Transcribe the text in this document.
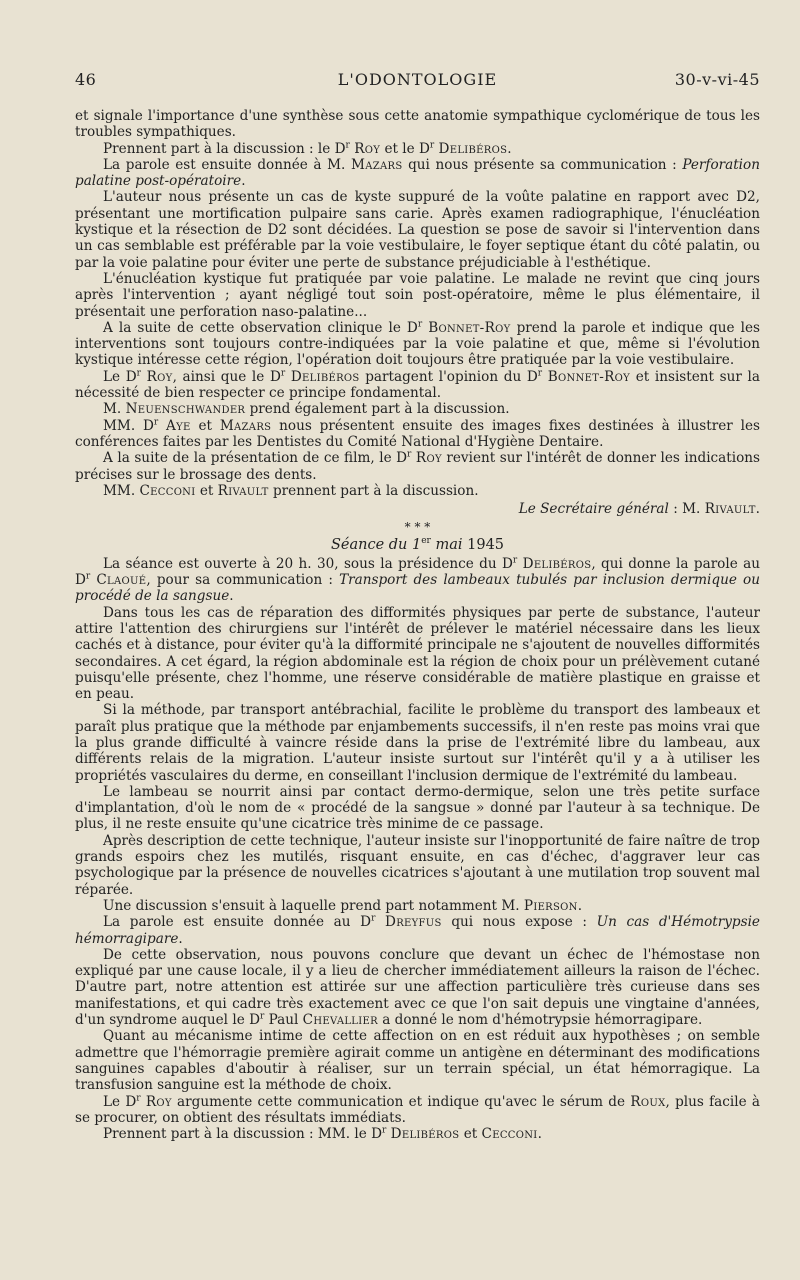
46	L'ODONTOLOGIE	30-v-vi-45

et signale l'importance d'une synthèse sous cette anatomie sympathique cyclomérique de tous les troubles sympathiques.

Prennent part à la discussion : le $D^r$ Roy et le $D^r$ Delibéros.

La parole est ensuite donnée à M. Mazars qui nous présente sa communication : Perforation palatine post-opératoire.

L'auteur nous présente un cas de kyste suppuré de la voûte palatine en rapport avec D2, présentant une mortification pulpaire sans carie. Après examen radiographique, l'énucléation kystique et la résection de D2 sont décidées. La question se pose de savoir si l'intervention dans un cas semblable est préférable par la voie vestibulaire, le foyer septique étant du côté palatin, ou par la voie palatine pour éviter une perte de substance préjudiciable à l'esthétique.

L'énucléation kystique fut pratiquée par voie palatine. Le malade ne revint que cinq jours après l'intervention ; ayant négligé tout soin post-opératoire, même le plus élémentaire, il présentait une perforation naso-palatine...

A la suite de cette observation clinique le $D^r$ Bonnet-Roy prend la parole et indique que les interventions sont toujours contre-indiquées par la voie palatine et que, même si l'évolution kystique intéresse cette région, l'opération doit toujours être pratiquée par la voie vestibulaire.

Le $D^r$ Roy, ainsi que le $D^r$ Delibéros partagent l'opinion du $D^r$ Bonnet-Roy et insistent sur la nécessité de bien respecter ce principe fondamental.

M. Neuenschwander prend également part à la discussion.

MM. $D^r$ Aye et Mazars nous présentent ensuite des images fixes destinées à illustrer les conférences faites par les Dentistes du Comité National d'Hygiène Dentaire.

A la suite de la présentation de ce film, le $D^r$ Roy revient sur l'intérêt de donner les indications précises sur le brossage des dents.

MM. Cecconi et Rivault prennent part à la discussion.

Le Secrétaire général : M. Rivault.
* * *
Séance du 1er mai 1945

La séance est ouverte à 20 h. 30, sous la présidence du $D^r$ Delibéros, qui donne la parole au $D^r$ Claoué, pour sa communication : Transport des lambeaux tubulés par inclusion dermique ou procédé de la sangsue.

Dans tous les cas de réparation des difformités physiques par perte de substance, l'auteur attire l'attention des chirurgiens sur l'intérêt de prélever le matériel nécessaire dans les lieux cachés et à distance, pour éviter qu'à la difformité principale ne s'ajoutent de nouvelles difformités secondaires. A cet égard, la région abdominale est la région de choix pour un prélèvement cutané puisqu'elle présente, chez l'homme, une réserve considérable de matière plastique en graisse et en peau.

Si la méthode, par transport antébrachial, facilite le problème du transport des lambeaux et paraît plus pratique que la méthode par enjambements successifs, il n'en reste pas moins vrai que la plus grande difficulté à vaincre réside dans la prise de l'extrémité libre du lambeau, aux différents relais de la migration. L'auteur insiste surtout sur l'intérêt qu'il y a à utiliser les propriétés vasculaires du derme, en conseillant l'inclusion dermique de l'extrémité du lambeau.

Le lambeau se nourrit ainsi par contact dermo-dermique, selon une très petite surface d'implantation, d'où le nom de « procédé de la sangsue » donné par l'auteur à sa technique. De plus, il ne reste ensuite qu'une cicatrice très minime de ce passage.

Après description de cette technique, l'auteur insiste sur l'inopportunité de faire naître de trop grands espoirs chez les mutilés, risquant ensuite, en cas d'échec, d'aggraver leur cas psychologique par la présence de nouvelles cicatrices s'ajoutant à une mutilation trop souvent mal réparée.

Une discussion s'ensuit à laquelle prend part notamment M. Pierson.

La parole est ensuite donnée au $D^r$ Dreyfus qui nous expose : Un cas d'Hémotrypsie hémorragipare.

De cette observation, nous pouvons conclure que devant un échec de l'hémostase non expliqué par une cause locale, il y a lieu de chercher immédiatement ailleurs la raison de l'échec. D'autre part, notre attention est attirée sur une affection particulière très curieuse dans ses manifestations, et qui cadre très exactement avec ce que l'on sait depuis une vingtaine d'années, d'un syndrome auquel le $D^r$ Paul Chevallier a donné le nom d'hémotrypsie hémorragipare.

Quant au mécanisme intime de cette affection on en est réduit aux hypothèses ; on semble admettre que l'hémorragie première agirait comme un antigène en déterminant des modifications sanguines capables d'aboutir à réaliser, sur un terrain spécial, un état hémorragique. La transfusion sanguine est la méthode de choix.

Le $D^r$ Roy argumente cette communication et indique qu'avec le sérum de Roux, plus facile à se procurer, on obtient des résultats immédiats.

Prennent part à la discussion : MM. le $D^r$ Delibéros et Cecconi.
